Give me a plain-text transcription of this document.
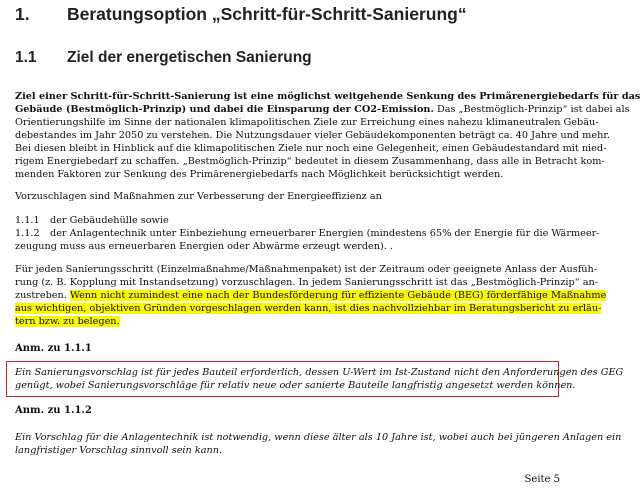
1. Beratungsoption „Schritt-für-Schritt-Sanierung“
1.1 Ziel der energetischen Sanierung
Ziel einer Schritt-für-Schritt-Sanierung ist eine möglichst weitgehende Senkung des Primärenergiebedarfs für das
Gebäude (Bestmöglich-Prinzip) und dabei die Einsparung der CO2-Emission. Das „Bestmöglich-Prinzip“ ist dabei als
Orientierungshilfe im Sinne der nationalen klimapolitischen Ziele zur Erreichung eines nahezu klimaneutralen Gebäu-
debestandes im Jahr 2050 zu verstehen. Die Nutzungsdauer vieler Gebäudekomponenten beträgt ca. 40 Jahre und mehr.
Bei diesen bleibt in Hinblick auf die klimapolitischen Ziele nur noch eine Gelegenheit, einen Gebäudestandard mit nied-
rigem Energiebedarf zu schaffen. „Bestmöglich-Prinzip“ bedeutet in diesem Zusammenhang, dass alle in Betracht kom-
menden Faktoren zur Senkung des Primärenergiebedarfs nach Möglichkeit berücksichtigt werden.
Vorzuschlagen sind Maßnahmen zur Verbesserung der Energieeffizienz an
1.1.1 der Gebäudehülle sowie
1.1.2 der Anlagentechnik unter Einbeziehung erneuerbarer Energien (mindestens 65% der Energie für die Wärmeer-
zeugung muss aus erneuerbaren Energien oder Abwärme erzeugt werden). .
Für jeden Sanierungsschritt (Einzelmaßnahme/Maßnahmenpaket) ist der Zeitraum oder geeignete Anlass der Ausfüh-
rung (z. B. Kopplung mit Instandsetzung) vorzuschlagen. In jedem Sanierungsschritt ist das „Bestmöglich-Prinzip“ an-
zustreben. Wenn nicht zumindest eine nach der Bundesförderung für effiziente Gebäude (BEG) förderfähige Maßnahme
aus wichtigen, objektiven Gründen vorgeschlagen werden kann, ist dies nachvollziehbar im Beratungsbericht zu erläu-
tern bzw. zu belegen.
Anm. zu 1.1.1
Ein Sanierungsvorschlag ist für jedes Bauteil erforderlich, dessen U-Wert im Ist-Zustand nicht den Anforderungen des GEG
genügt, wobei Sanierungsvorschläge für relativ neue oder sanierte Bauteile langfristig angesetzt werden können.
Anm. zu 1.1.2
Ein Vorschlag für die Anlagentechnik ist notwendig, wenn diese älter als 10 Jahre ist, wobei auch bei jüngeren Anlagen ein
langfristiger Vorschlag sinnvoll sein kann.
Seite 5
